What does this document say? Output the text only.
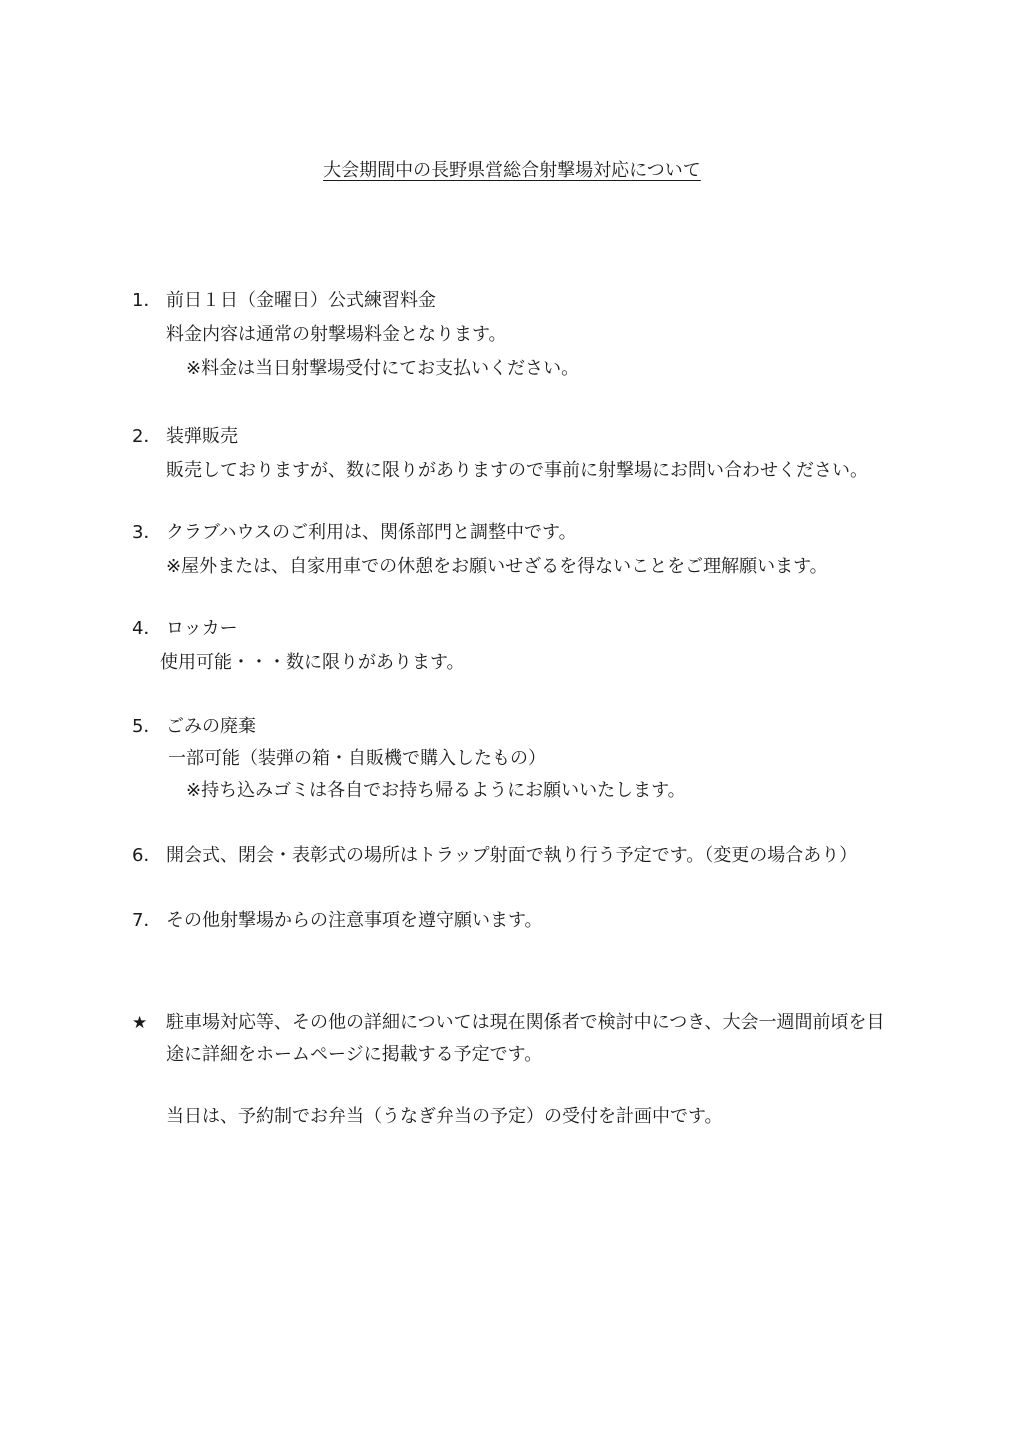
大会期間中の長野県営総合射撃場対応について
1． 前日１日（金曜日）公式練習料金
料金内容は通常の射撃場料金となります。
※料金は当日射撃場受付にてお支払いください。
2． 装弾販売
販売しておりますが、数に限りがありますので事前に射撃場にお問い合わせください。
3． クラブハウスのご利用は、関係部門と調整中です。
※屋外または、自家用車での休憩をお願いせざるを得ないことをご理解願います。
4． ロッカー
使用可能・・・数に限りがあります。
5． ごみの廃棄
一部可能（装弾の箱・自販機で購入したもの）
※持ち込みゴミは各自でお持ち帰るようにお願いいたします。
6． 開会式、閉会・表彰式の場所はトラップ射面で執り行う予定です。（変更の場合あり）
7． その他射撃場からの注意事項を遵守願います。
★ 駐車場対応等、その他の詳細については現在関係者で検討中につき、大会一週間前頃を目
途に詳細をホームページに掲載する予定です。
当日は、予約制でお弁当（うなぎ弁当の予定）の受付を計画中です。
